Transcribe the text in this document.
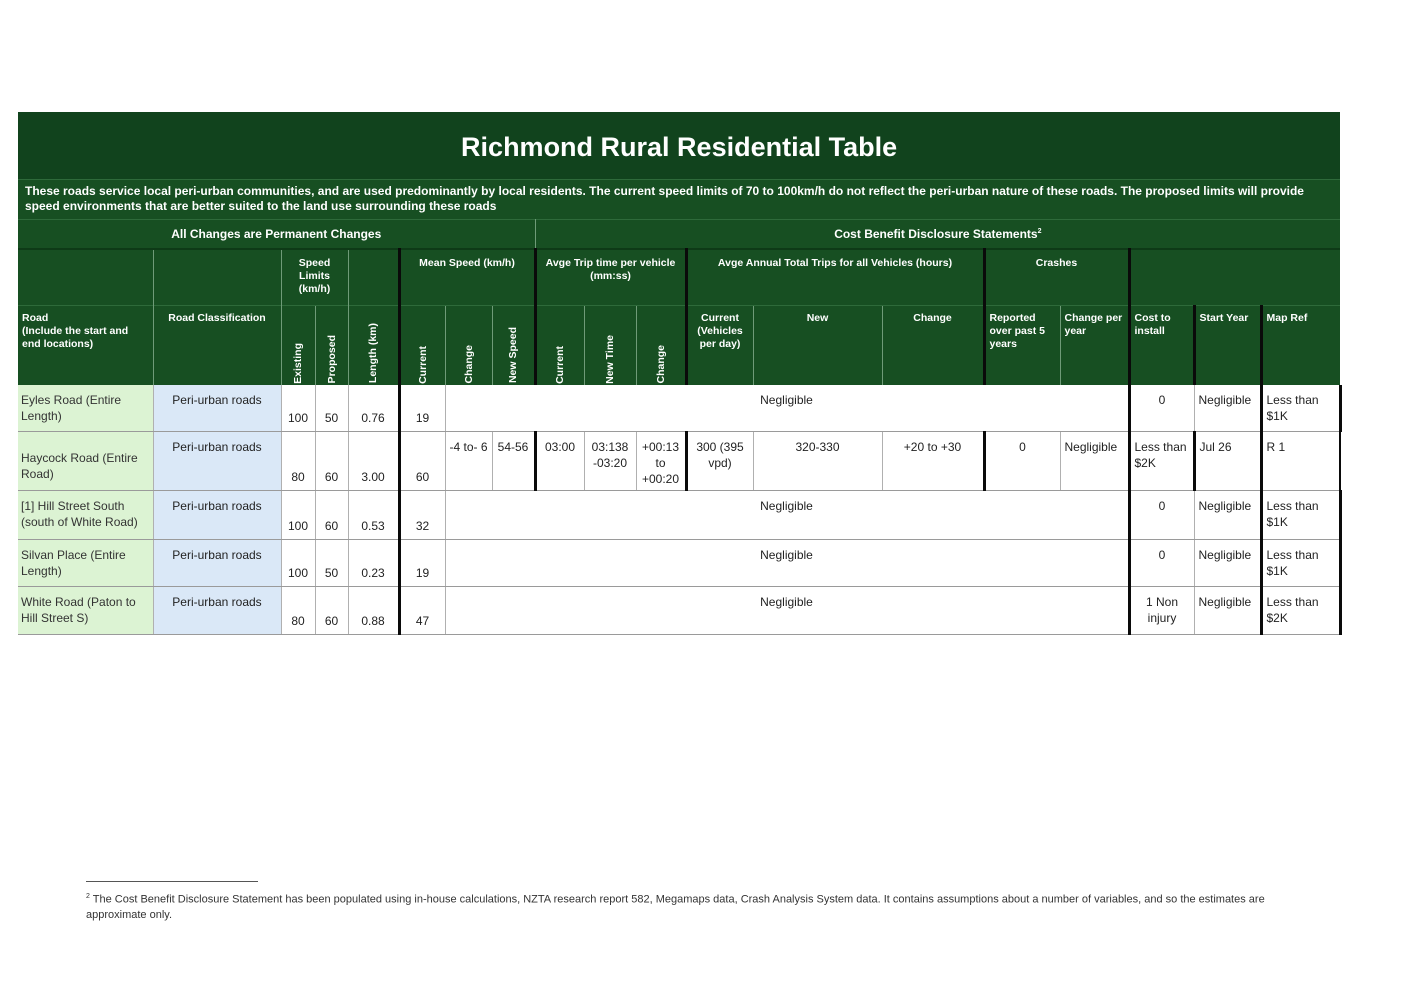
Richmond Rural Residential Table																			
These roads service local peri-urban communities, and are used predominantly by local residents. The current speed limits of 70 to 100km/h do not reflect the peri-urban nature of these roads. The proposed limits will provide speed environments that are better suited to the land use surrounding these roads																			
All Changes are Permanent Changes								Cost Benefit Disclosure Statements$^2$
		Speed Limits (km/h)			Mean Speed (km/h)			Avge Trip time per vehicle (mm:ss)			Avge Annual Total Trips for all Vehicles (hours)			Crashes					
Road
(Include the start and end locations)	Road Classification	Existing	Proposed	Length (km)	Current	Change	New Speed	Current	New Time	Change	Current (Vehicles per day)	New	Change	Reported over past 5 years	Change per year	Cost to install	Start Year	Map Ref	
Eyles Road (Entire Length)	Peri-urban roads	100	50	0.76	19	Negligible										0	Negligible	Less than $1K		
Haycock Road (Entire Road)	Peri-urban roads	80	60	3.00	60	-4 to- 6	54-56	03:00	03:138 -03:20	+00:13 to +00:20	300 (395 vpd)	320-330	+20 to +30	0	Negligible	Less than $2K	Jul 26	R 1	
[1] Hill Street South (south of White Road)	Peri-urban roads	100	60	0.53	32	Negligible										0	Negligible	Less than $1K		
Silvan Place (Entire Length)	Peri-urban roads	100	50	0.23	19	Negligible										0	Negligible	Less than $1K		
White Road (Paton to Hill Street S)	Peri-urban roads	80	60	0.88	47	Negligible										1 Non injury	Negligible	Less than $2K		
$^2$ The Cost Benefit Disclosure Statement has been populated using in-house calculations, NZTA research report 582, Megamaps data, Crash Analysis System data. It contains assumptions about a number of variables, and so the estimates are approximate only.
